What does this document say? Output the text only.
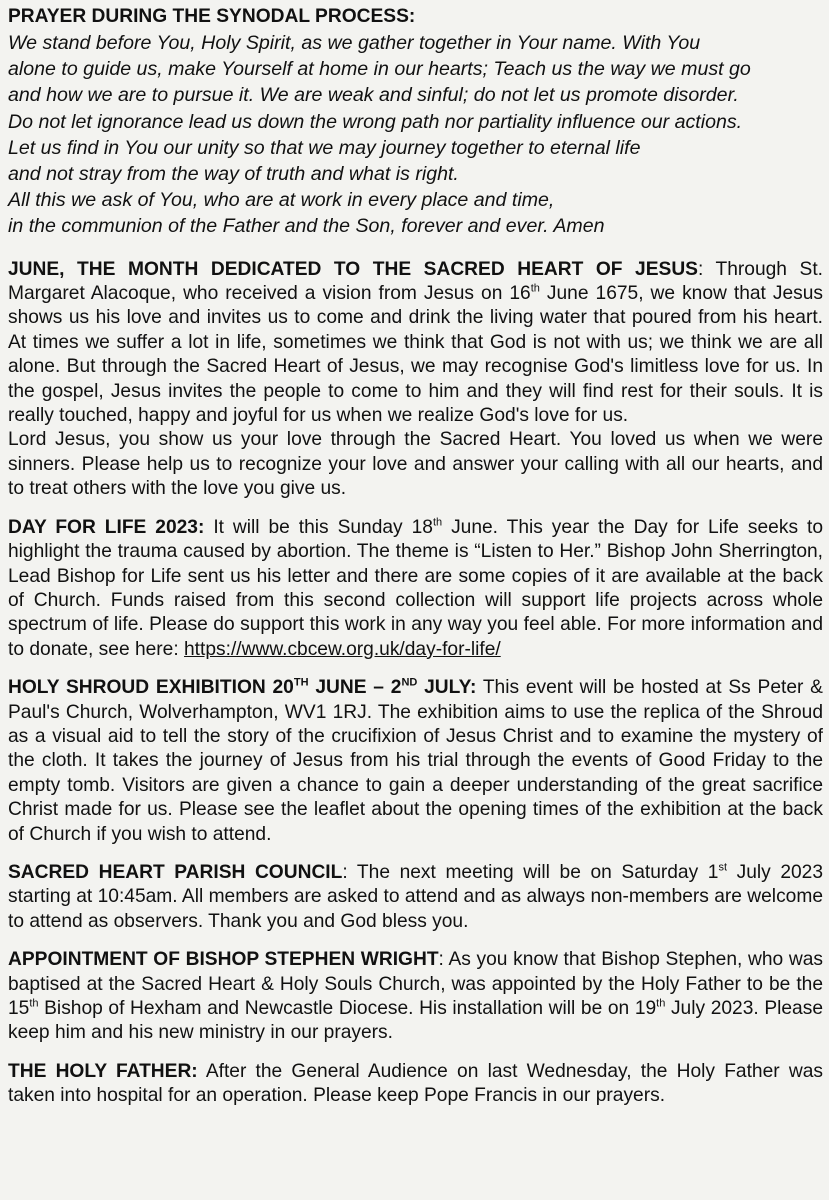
PRAYER DURING THE SYNODAL PROCESS:

We stand before You, Holy Spirit, as we gather together in Your name. With You
alone to guide us, make Yourself at home in our hearts; Teach us the way we must go
and how we are to pursue it. We are weak and sinful; do not let us promote disorder.
Do not let ignorance lead us down the wrong path nor partiality influence our actions.
Let us find in You our unity so that we may journey together to eternal life
and not stray from the way of truth and what is right.
All this we ask of You, who are at work in every place and time,
in the communion of the Father and the Son, forever and ever. Amen

JUNE, THE MONTH DEDICATED TO THE SACRED HEART OF JESUS: Through St. Margaret Alacoque, who received a vision from Jesus on 16th June 1675, we know that Jesus shows us his love and invites us to come and drink the living water that poured from his heart. At times we suffer a lot in life, sometimes we think that God is not with us; we think we are all alone. But through the Sacred Heart of Jesus, we may recognise God's limitless love for us. In the gospel, Jesus invites the people to come to him and they will find rest for their souls. It is really touched, happy and joyful for us when we realize God's love for us.

Lord Jesus, you show us your love through the Sacred Heart. You loved us when we were sinners. Please help us to recognize your love and answer your calling with all our hearts, and to treat others with the love you give us.

DAY FOR LIFE 2023: It will be this Sunday 18th June. This year the Day for Life seeks to highlight the trauma caused by abortion. The theme is “Listen to Her.” Bishop John Sherrington, Lead Bishop for Life sent us his letter and there are some copies of it are available at the back of Church. Funds raised from this second collection will support life projects across whole spectrum of life. Please do support this work in any way you feel able. For more information and to donate, see here: https://www.cbcew.org.uk/day-for-life/

HOLY SHROUD EXHIBITION 20TH JUNE – 2ND JULY: This event will be hosted at Ss Peter & Paul's Church, Wolverhampton, WV1 1RJ. The exhibition aims to use the replica of the Shroud as a visual aid to tell the story of the crucifixion of Jesus Christ and to examine the mystery of the cloth. It takes the journey of Jesus from his trial through the events of Good Friday to the empty tomb. Visitors are given a chance to gain a deeper understanding of the great sacrifice Christ made for us. Please see the leaflet about the opening times of the exhibition at the back of Church if you wish to attend.

SACRED HEART PARISH COUNCIL: The next meeting will be on Saturday 1st July 2023 starting at 10:45am. All members are asked to attend and as always non-members are welcome to attend as observers. Thank you and God bless you.

APPOINTMENT OF BISHOP STEPHEN WRIGHT: As you know that Bishop Stephen, who was baptised at the Sacred Heart & Holy Souls Church, was appointed by the Holy Father to be the 15th Bishop of Hexham and Newcastle Diocese. His installation will be on 19th July 2023. Please keep him and his new ministry in our prayers.

THE HOLY FATHER: After the General Audience on last Wednesday, the Holy Father was taken into hospital for an operation. Please keep Pope Francis in our prayers.
